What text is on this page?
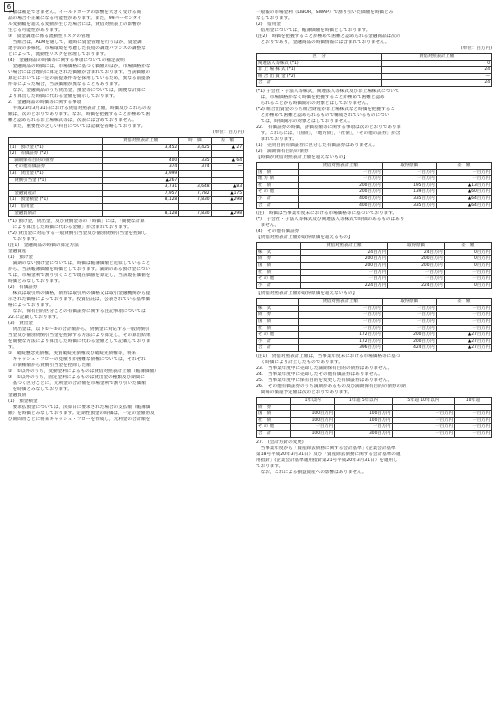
6

ク量は補足できません。イールドカーブの影響を大きく受ける商

品の場合不正確になる可能性があります。また，99パーセンタイ

ル変動幅を超える変動が生じた場合には，貸借対照表上の影響が

生じる可能性があります。

③　資金調達に係る流動性リスクの管理

　当組合は，ALMを通して，適時に資金管理を行うほか，資金調

達手段の多様化，市場環境を考慮した長短の調達バランスの調整な

どによって，流動性リスクを管理しております。

(4)　金融商品の時価等に関する事項についての補足説明

　金融商品の時価には，市場価格に基づく価額のほか，市場価格がな

い場合には合理的に算定された価額が含まれております。当該価額の

算定においては一定の前提条件等を採用しているため，異なる前提条

件等によった場合，当該価額が異なることもあります。

　なお，金融商品のうち貸出金，預金等については，簡便な計算に

より算出した時価に代わる金額を開示しております。

2.　金融商品の時価等に関する事項

　平成23年3月31日における貸借対照表計上額，時価及びこれらの差

額は，次のとおりであります。なお，時価を把握することが極めて困

難と認められる非上場株式等は，次表には含めておりません。

　また，重要性の乏しい科目については記載を省略しております。

(単位：百万円)

	貸借対照表計上額	時　価	差　額
(1)　預け金 (*1)	3,452	3,425	▲ 27
(2)　有価証券 (*2)			
　満期保有目的の債券	400	335	▲ 64
　その他有価証券	374	374	—
(3)　貸出金 (*1)	3,999		
　貸倒引当金 (*1)	▲267		
	3,731	3,648	▲83
　金融資産計	7,957	7,782	▲175
(1)　預金積金 (*1)	8,128	7,830	▲298
(2)　借用金			
　金融負債計	8,128	7,830	▲298

(*1) 預け金，貸出金，及び貸倒金等の「時価」には，「簡便な計算

　により算出した時価に代わる金額」が含まれております。

(*2) 貸出金に対応する一般貸倒引当金及び個別貸倒引当金を控除し

　ております。

(注1)　金融商品の時価の算定方法

金融資産

(1)　預け金

　満期のない預け金については，時価は帳簿価額と近似していること

から，当該帳簿価額を時価としております。満期のある預け金につい

ては，市場金利で割り引くことで現在価値を算定し，当該現在価値を

時価とみなしております。

(2)　有価証券

　株式は取引所の価格，債券は取引所の価格又は取引金融機関から提

示された価格によっております。投資信託は，公表されている基準価

格によっております。

　なお，保有目的区分ごとの有価証券に関する注記事項については

22.に記載しております。

(3)　貸出金

　貸出金は，以下①～⑤の合計額から，貸倒金に対応する一般貸倒引

当金及び個別貸倒引当金を控除する方法により算定し，その算出結果

を簡便な方法により算出した時価に代わる金額として記載しておりま

す。

①　破綻懸念先債権，実質破綻先債権及び破綻先債権等，将来

　キャッシュ・フローの見積りが困難な債権については，それぞれ

　の債権額から貸倒引当金を控除した額

②　①以外のうち，変動金利によるものは貸借対照表計上額（帳簿価額）

③　①以外のうち，固定金利によるものは貸出金の種類及び期間に

　基づく区分ごとに，元利金の合計額を市場金利で割り引いた価額

　を時価とみなしております。

金融負債

(1)　預金積金

　要求払預金については，決算日に要求された場合の支払額（帳簿価

額）を時価とみなしております。定期性預金の時価は，一定の金額帯及

び期間帯ごとに将来キャッシュ・フローを作成し，元利金の合計額を

一般報の市場金利（LIBOR，SWAP）で割り引いた価額を時価とみ

なしております。

(2)　借用金

　借用金については，帳簿価額を時価としております。

(注2)　時価を把握することが極めて困難と認められる金融商品は次の

　とおりであり，金融商品の時価情報には含まれておりません。

(単位：百万円)

区　分	貸借対照表計上額
関連法人等株式 (*1)	0
非 上 場 株 式 (*1)	24
組 合 出 資 金 (*2)	—
合　計	24

(*1) 子会社・子法人等株式，関連法人等株式及び非上場株式について

　は，市場価格がなく時価を把握することが極めて困難と認め

　られることから時価開示の対象とはしておりません。

(*2) 組合出資金のうち組合財産が非上場株式など時価を把握するこ

　とが極めて困難と認められるもので構成されているものについ

　ては，時価開示の対象とはしておりません。

22.　有価証券の時価，評価差額等に関する事項は次のとおりでありま

　す。これらには，「国債」，「地方債」，「社債」，「その他の証券」が含

　まれております。

(1)　売買目的有価証券に区分した有価証券はありません。

(2)　満期保有目的の債券

【時価が貸借対照表計上額を超えないもの】

	貸借対照表計上額	取得原価	差　額
国　債	一百万円	一百万円	一百万円
地 方 債	一百万円	一百万円	一百万円
社　債	200百万円	195百万円	▲13百万円
そ の 他	200百万円	139百万円	▲60百万円
小　計	400百万円	335百万円	▲64百万円
合　計	400百万円	335百万円	▲64百万円

(注)　時価は当事業年度末における市場価格等に基づいております。

(*)　子会社・子法人等株式及び関連法人等株式で時価のあるものはあり

　ません。

(4)　その他有価証券

【貸借対照表計上額が取得原価を超えるもの】

	貸借対照表計上額	取得原価	差　額
株　式	24百万円	24百万円	0百万円
債　券	200百万円	200百万円	0百万円
国　債	200百万円	200百万円	0百万円
社　債	一百万円	一百万円	一百万円
そ の 他	一百万円	一百万円	一百万円
小　計	224百万円	224百万円	0百万円

【貸借対照表計上額が取得原価を超えないもの】

	貸借対照表計上額	取得原価	差　額
株　式	一百万円	一百万円	一百万円
債　券	一百万円	一百万円	一百万円
国　債	一百万円	一百万円	一百万円
社　債	一百万円	一百万円	一百万円
そ の 他	172百万円	200百万円	▲27百万円
小　計	172百万円	200百万円	▲27百万円
合　計	396百万円	424百万円	▲27百万円

(注1)　貸借対照表計上額は，当事業年度末における市場価格等に基づ

　く時価により計上したものであります。

23.　当事業年度中に売却した満期保有目的の債券はありません。

24.　当事業年度中に売却したその他有価証券はありません。

25.　当事業年度中に保有目的を変更した有価証券はありません。

26.　その他有価証券のうち満期があるもの及び満期保有目的の債券の期

　間毎の償還予定額は次のとおりであります。

	1年以内	1年超 5年以内	5年超 10年以内	10年超
債　券				
国　債	100百万円	100百万円	一百万円	一百万円
社　債	100百万円	100百万円	一百万円	一百万円
そ の 他	一百万円	一百万円	一百万円	一百万円
合　計	100百万円	300百万円	一百万円	一百万円

27.　(会計方針の変更)

　当事業年度から「資産除去債務に関する会計基準」(企業会計基準

第18号平成20年3月31日）及び「資産除去債務に関する会計基準の適

用指針」(企業会計基準適用指針第21号平成20年3月31日）を適用し

ております。

　なお，これによる損益資産への影響はありません。
